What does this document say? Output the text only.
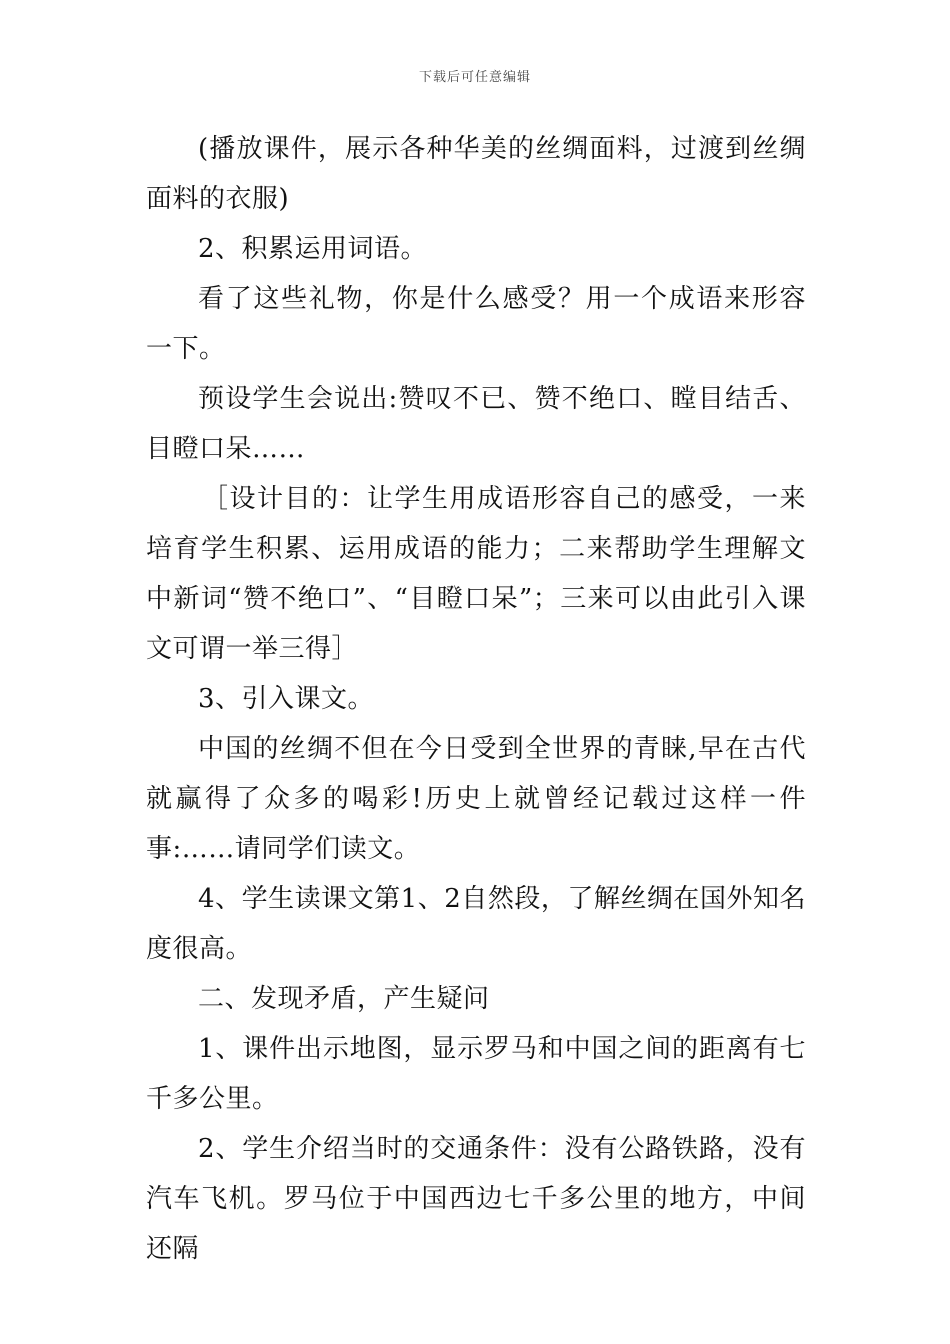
下载后可任意编辑

(播放课件，展示各种华美的丝绸面料，过渡到丝绸面料的衣服)

2、积累运用词语。

看了这些礼物，你是什么感受？用一个成语来形容一下。

预设学生会说出:赞叹不已、赞不绝口、瞠目结舌、目瞪口呆……

［设计目的：让学生用成语形容自己的感受，一来培育学生积累、运用成语的能力；二来帮助学生理解文中新词“赞不绝口”、“目瞪口呆”；三来可以由此引入课文可谓一举三得］

3、引入课文。

中国的丝绸不但在今日受到全世界的青睐,早在古代就赢得了众多的喝彩!历史上就曾经记载过这样一件事:……请同学们读文。

4、学生读课文第1、2自然段，了解丝绸在国外知名度很高。

二、发现矛盾，产生疑问

1、课件出示地图，显示罗马和中国之间的距离有七千多公里。

2、学生介绍当时的交通条件：没有公路铁路，没有汽车飞机。罗马位于中国西边七千多公里的地方，中间还隔
